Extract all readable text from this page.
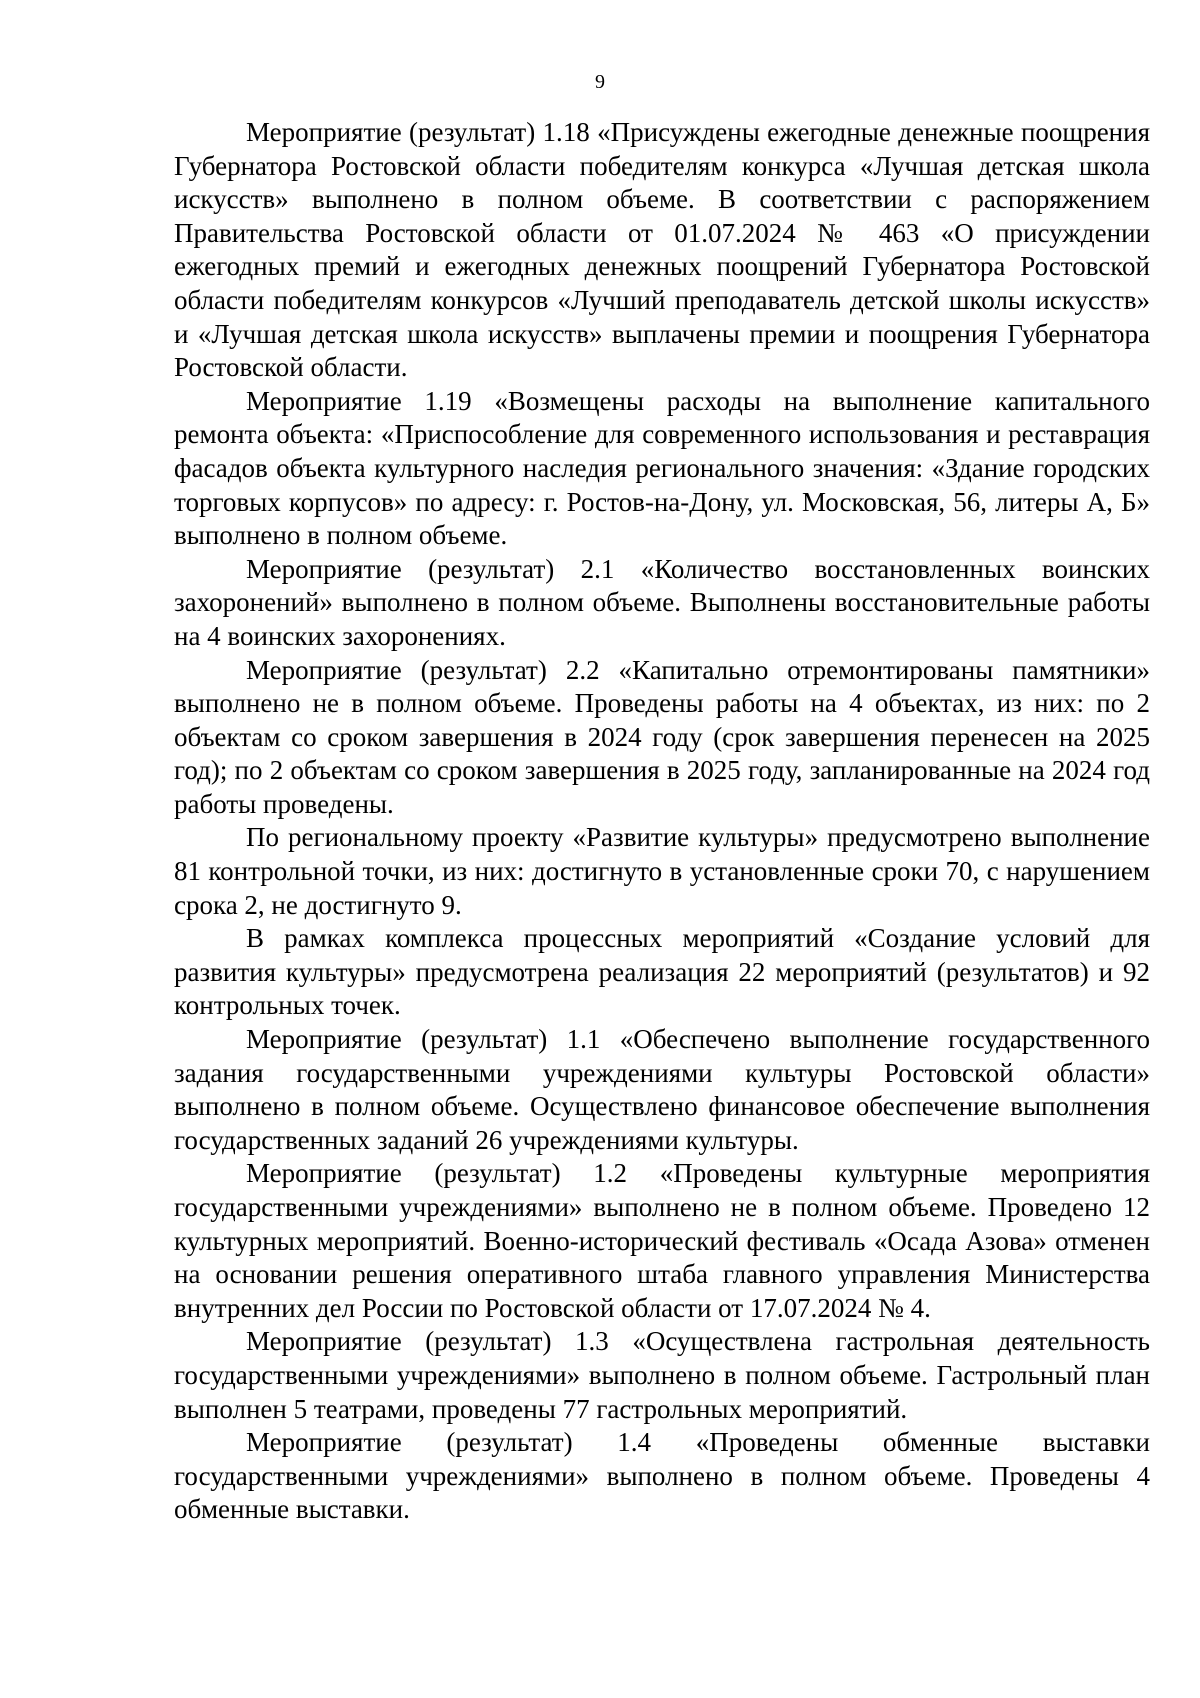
9

Мероприятие (результат) 1.18 «Присуждены ежегодные денежные поощрения Губернатора Ростовской области победителям конкурса «Лучшая детская школа искусств» выполнено в полном объеме. В соответствии с распоряжением Правительства Ростовской области от 01.07.2024 № 463 «О присуждении ежегодных премий и ежегодных денежных поощрений Губернатора Ростовской области победителям конкурсов «Лучший преподаватель детской школы искусств» и «Лучшая детская школа искусств» выплачены премии и поощрения Губернатора Ростовской области.

Мероприятие 1.19 «Возмещены расходы на выполнение капитального ремонта объекта: «Приспособление для современного использования и реставрация фасадов объекта культурного наследия регионального значения: «Здание городских торговых корпусов» по адресу: г. Ростов-на-Дону, ул. Московская, 56, литеры А, Б» выполнено в полном объеме.

Мероприятие (результат) 2.1 «Количество восстановленных воинских захоронений» выполнено в полном объеме. Выполнены восстановительные работы на 4 воинских захоронениях.

Мероприятие (результат) 2.2 «Капитально отремонтированы памятники» выполнено не в полном объеме. Проведены работы на 4 объектах, из них: по 2 объектам со сроком завершения в 2024 году (срок завершения перенесен на 2025 год); по 2 объектам со сроком завершения в 2025 году, запланированные на 2024 год работы проведены.

По региональному проекту «Развитие культуры» предусмотрено выполнение 81 контрольной точки, из них: достигнуто в установленные сроки 70, с нарушением срока 2, не достигнуто 9.

В рамках комплекса процессных мероприятий «Создание условий для развития культуры» предусмотрена реализация 22 мероприятий (результатов) и 92 контрольных точек.

Мероприятие (результат) 1.1 «Обеспечено выполнение государственного задания государственными учреждениями культуры Ростовской области» выполнено в полном объеме. Осуществлено финансовое обеспечение выполнения государственных заданий 26 учреждениями культуры.

Мероприятие (результат) 1.2 «Проведены культурные мероприятия государственными учреждениями» выполнено не в полном объеме. Проведено 12 культурных мероприятий. Военно-исторический фестиваль «Осада Азова» отменен на основании решения оперативного штаба главного управления Министерства внутренних дел России по Ростовской области от 17.07.2024 № 4.

Мероприятие (результат) 1.3 «Осуществлена гастрольная деятельность государственными учреждениями» выполнено в полном объеме. Гастрольный план выполнен 5 театрами, проведены 77 гастрольных мероприятий.

Мероприятие (результат) 1.4 «Проведены обменные выставки государственными учреждениями» выполнено в полном объеме. Проведены 4 обменные выставки.
